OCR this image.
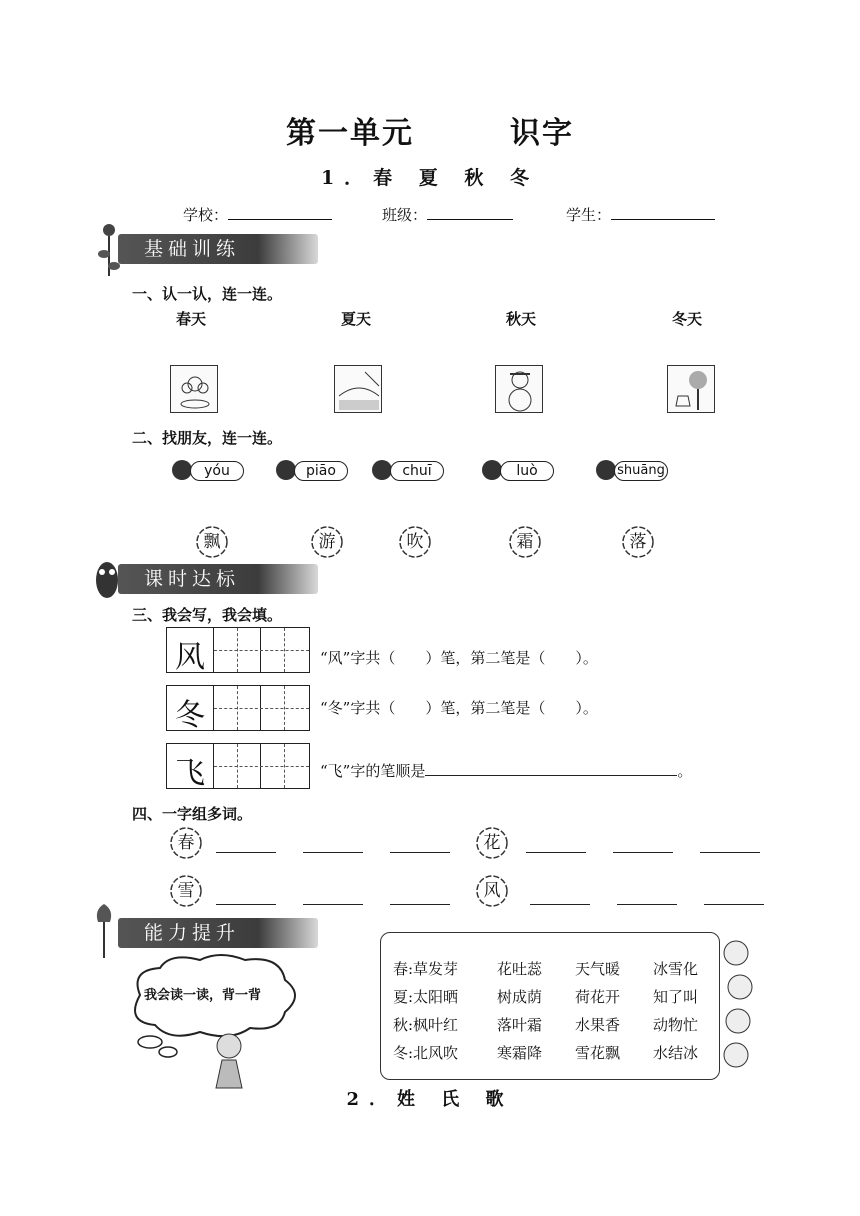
第一单元	识字
1．春 夏 秋 冬
学校：	班级：	学生：
基础训练
一、认一认，连一连。
春天	夏天	秋天	冬天
二、找朋友，连一连。
yóu	piāo	chuī	luò	shuāng
飘	游	吹	霜	落
课时达标
三、我会写，我会填。
风	“风”字共（　　）笔，第二笔是（　　）。
冬	“冬”字共（　　）笔，第二笔是（　　）。
飞	“飞”字的笔顺是	。
四、一字组多词。
春	花
雪	风
能力提升
我会读一读，背一背
春:草发芽	花吐蕊 天气暖 冰雪化
夏:太阳晒	树成荫 荷花开 知了叫
秋:枫叶红	落叶霜 水果香 动物忙
冬:北风吹	寒霜降 雪花飘 水结冰
2．姓 氏 歌
